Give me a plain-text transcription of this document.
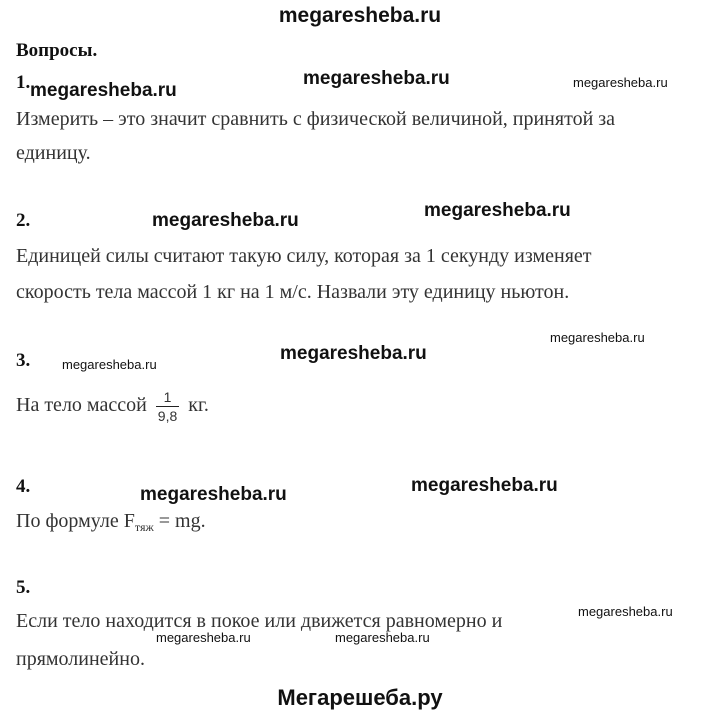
megaresheba.ru
Вопросы.
1. megaresheba.ru
megaresheba.ru	megaresheba.ru
Измерить – это значит сравнить с физической величиной, принятой за
единицу.
2.	megaresheba.ru	megaresheba.ru
Единицей силы считают такую силу, которая за 1 секунду изменяет
скорость тела массой 1 кг на 1 м/с. Назвали эту единицу ньютон.
megaresheba.ru
3. megaresheba.ru
megaresheba.ru
На тело массой $\frac{1}{9,8}$ кг.
4.	megaresheba.ru	megaresheba.ru
По формуле $F_{тяж}$ = mg.
5.
megaresheba.ru
Если тело находится в покое или движется равномерно и
megaresheba.ru	megaresheba.ru
прямолинейно.
Мегарешеба.ру
